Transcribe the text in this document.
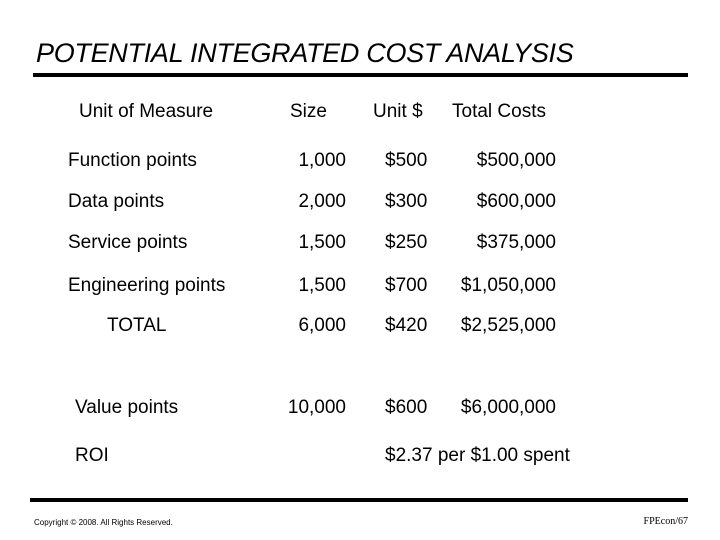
POTENTIAL INTEGRATED COST ANALYSIS
Unit of Measure	Size Unit $ Total Costs
Function points	1,000 $500	$500,000
Data points	2,000 $300	$600,000
Service points	1,500 $250	$375,000
Engineering points	1,500 $700 $1,050,000
TOTAL	6,000 $420 $2,525,000
Value points	10,000 $600 $6,000,000
ROI	$2.37 per $1.00 spent
Copyright © 2008. All Rights Reserved.	FPEcon/67
